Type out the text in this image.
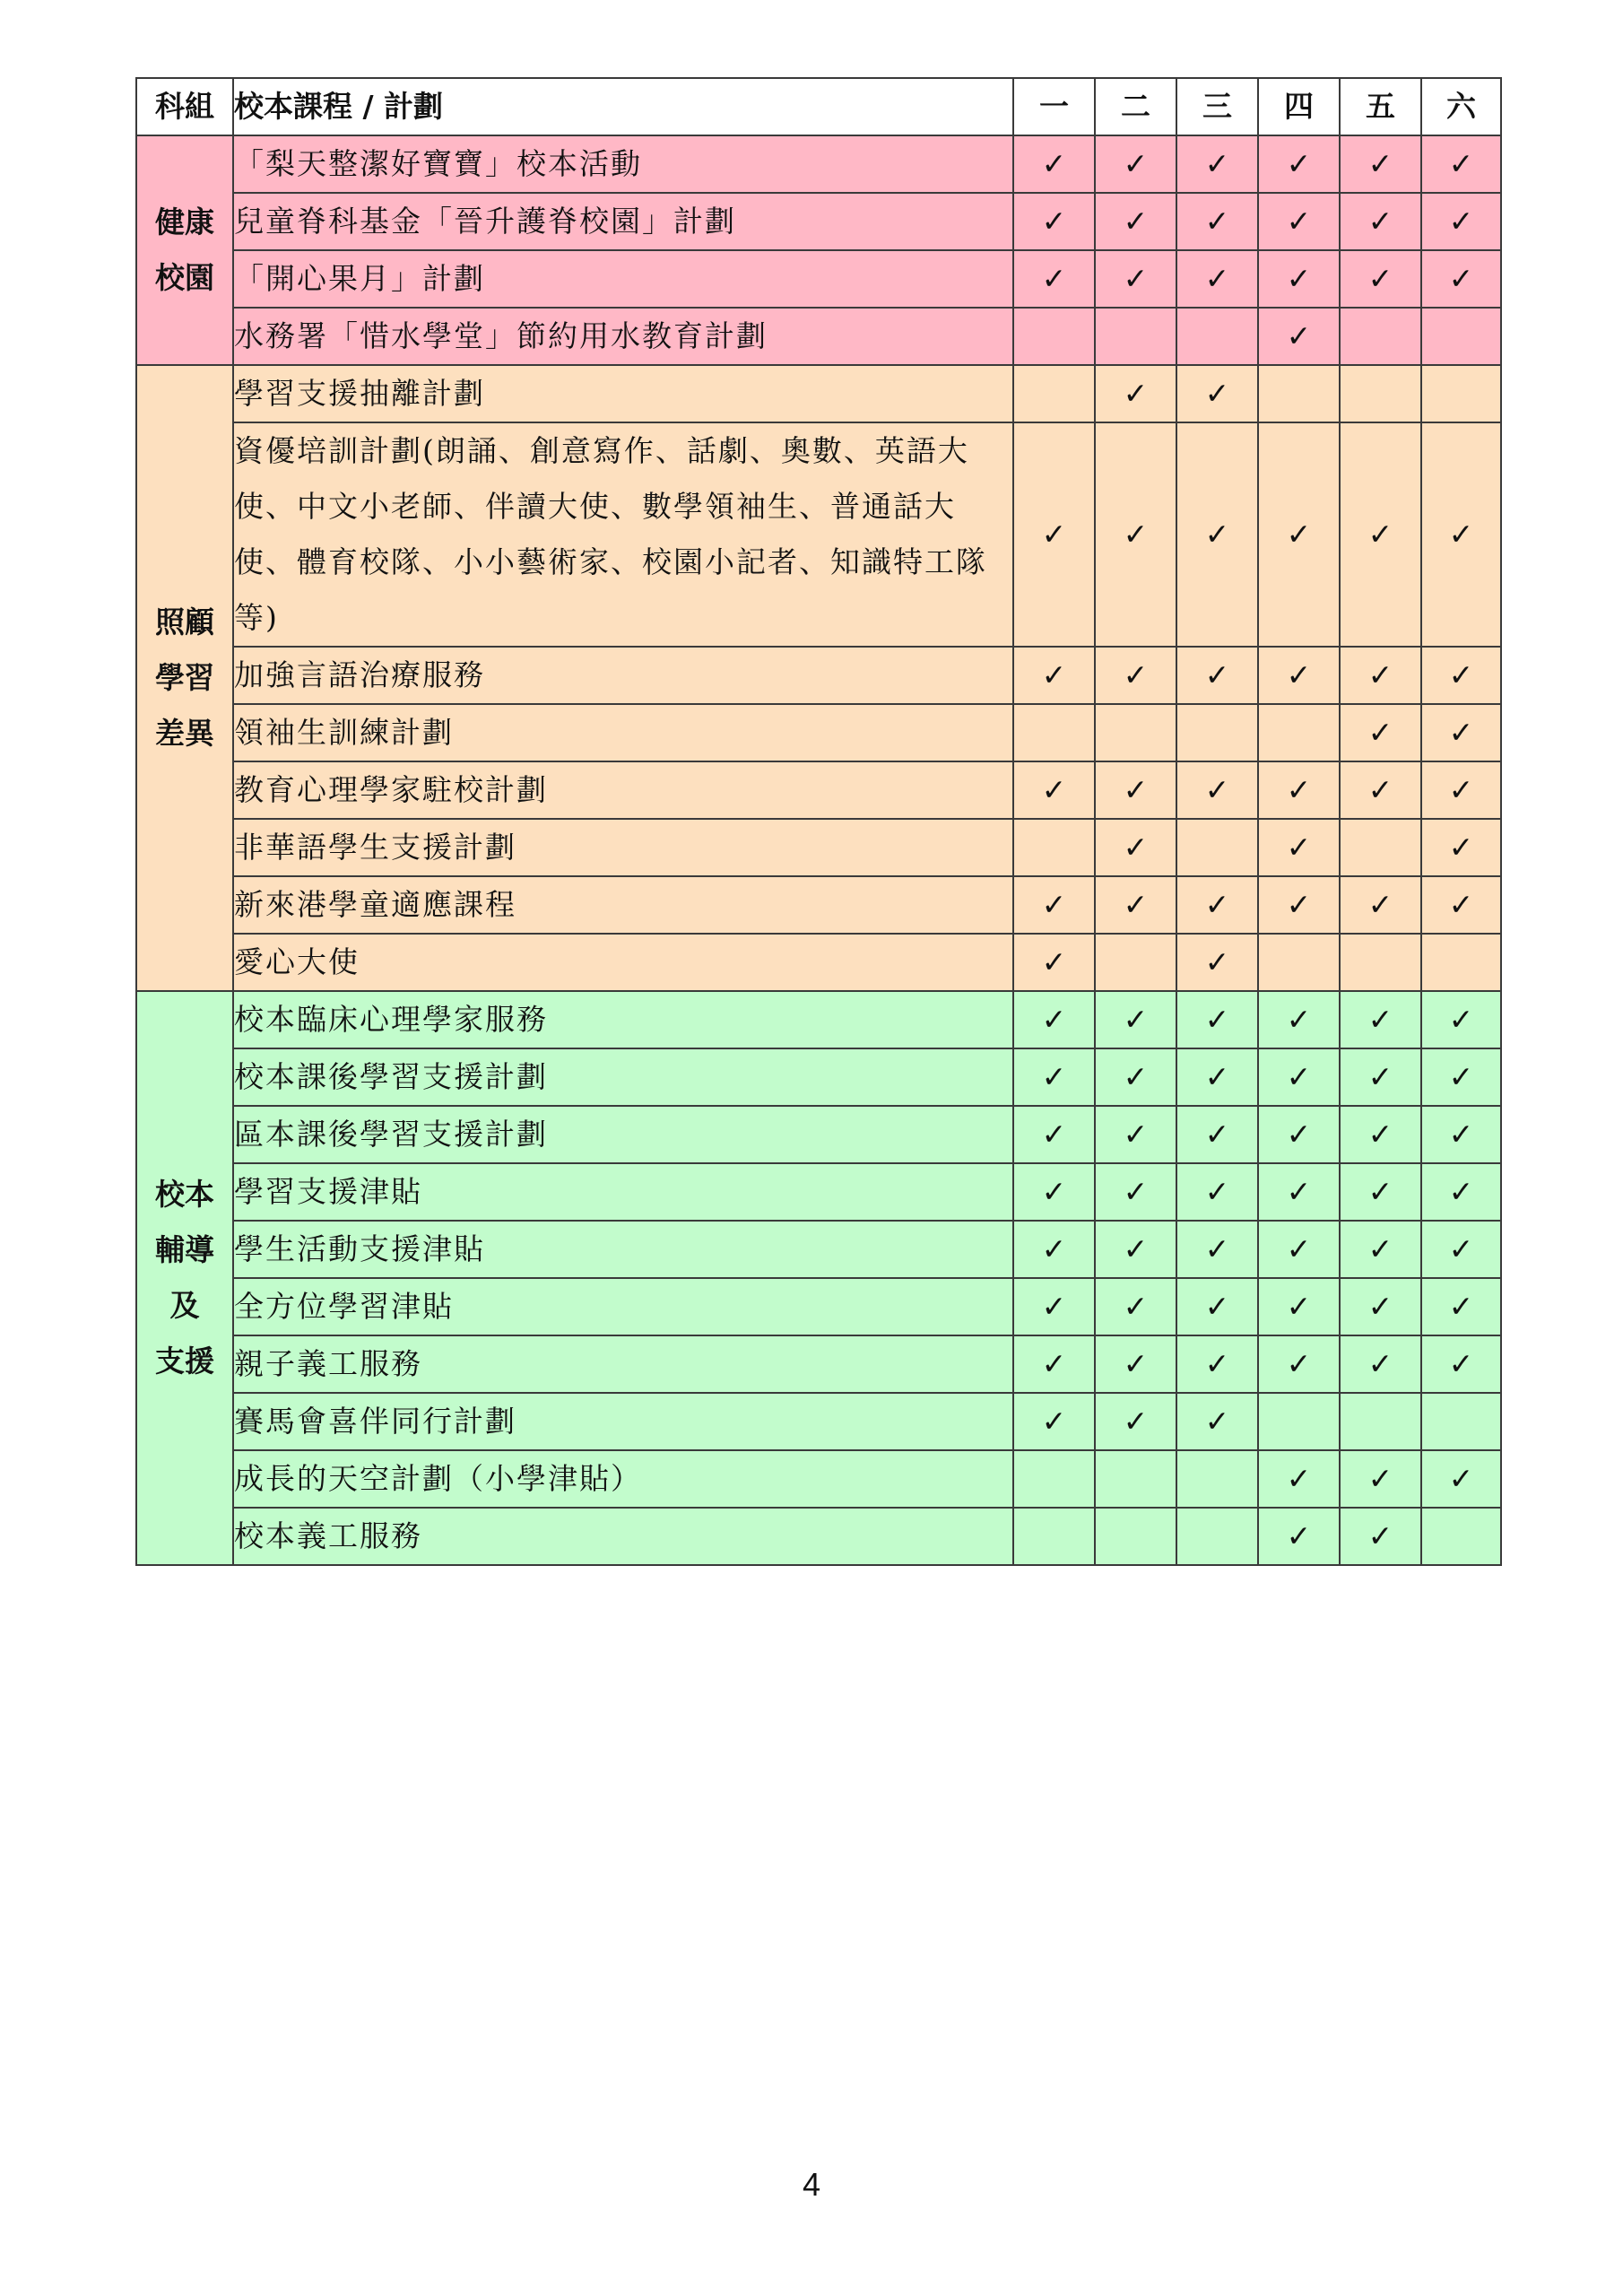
科組	校本課程 / 計劃	一	二	三	四	五	六

健康
校園	「梨天整潔好寶寶」校本活動	✓	✓	✓	✓	✓	✓
	兒童脊科基金「晉升護脊校園」計劃	✓	✓	✓	✓	✓	✓
	「開心果月」計劃	✓	✓	✓	✓	✓	✓
	水務署「惜水學堂」節約用水教育計劃				✓		

照顧
學習
差異	學習支援抽離計劃		✓	✓			
	資優培訓計劃(朗誦、創意寫作、話劇、奧數、英語大使、中文小老師、伴讀大使、數學領袖生、普通話大使、體育校隊、小小藝術家、校園小記者、知識特工隊等)	✓	✓	✓	✓	✓	✓
	加強言語治療服務	✓	✓	✓	✓	✓	✓
	領袖生訓練計劃					✓	✓
	教育心理學家駐校計劃	✓	✓	✓	✓	✓	✓
	非華語學生支援計劃		✓		✓		✓
	新來港學童適應課程	✓	✓	✓	✓	✓	✓
	愛心大使	✓		✓			

校本
輔導
及
支援	校本臨床心理學家服務	✓	✓	✓	✓	✓	✓
	校本課後學習支援計劃	✓	✓	✓	✓	✓	✓
	區本課後學習支援計劃	✓	✓	✓	✓	✓	✓
	學習支援津貼	✓	✓	✓	✓	✓	✓
	學生活動支援津貼	✓	✓	✓	✓	✓	✓
	全方位學習津貼	✓	✓	✓	✓	✓	✓
	親子義工服務	✓	✓	✓	✓	✓	✓
	賽馬會喜伴同行計劃	✓	✓	✓			
	成長的天空計劃（小學津貼）				✓	✓	✓
	校本義工服務				✓	✓	
4
